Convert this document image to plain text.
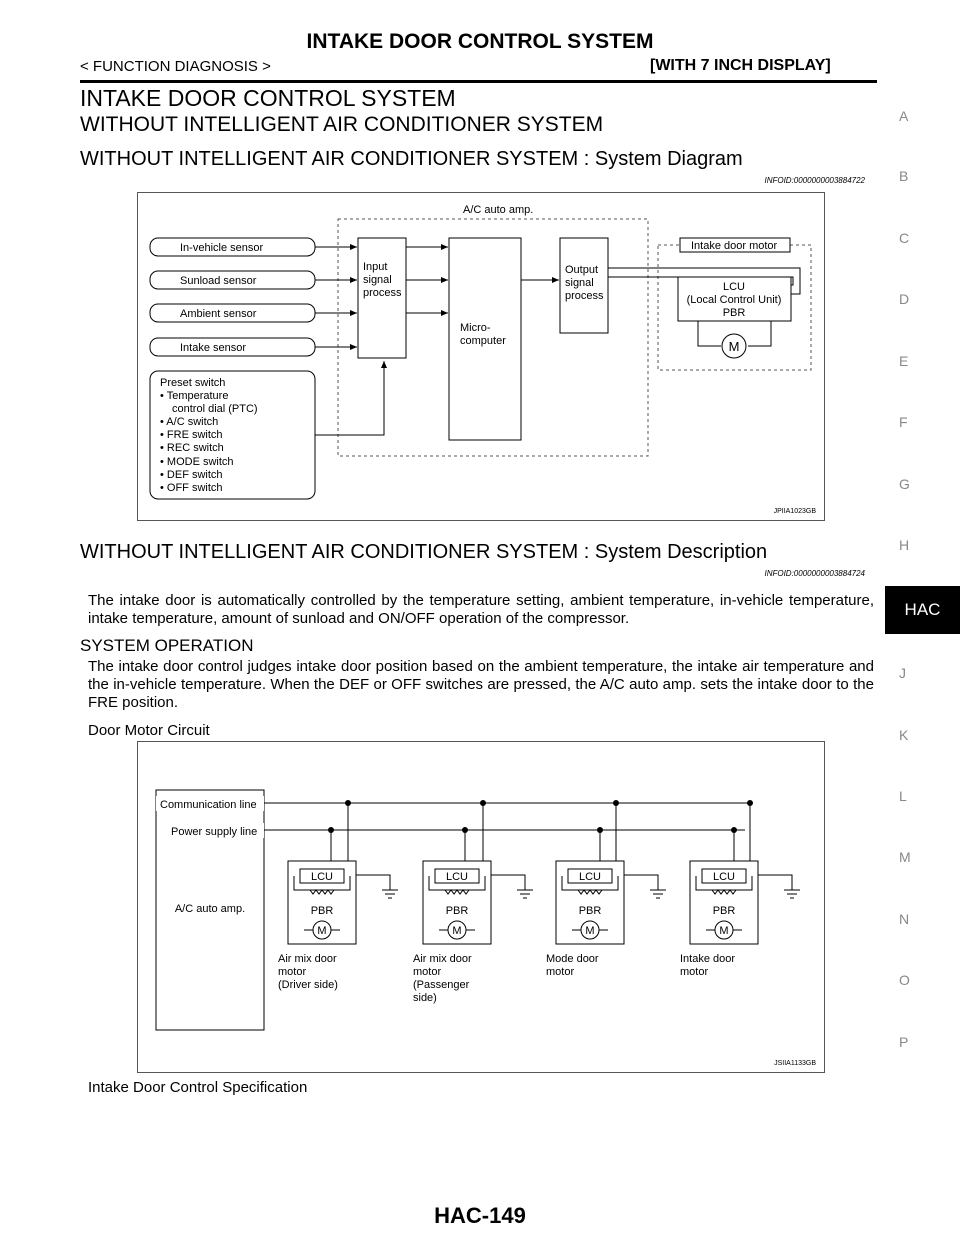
INTAKE DOOR CONTROL SYSTEM
< FUNCTION DIAGNOSIS >	[WITH 7 INCH DISPLAY]
INTAKE DOOR CONTROL SYSTEM
WITHOUT INTELLIGENT AIR CONDITIONER SYSTEM
WITHOUT INTELLIGENT AIR CONDITIONER SYSTEM : System Diagram
INFOID:0000000003884722
A/C auto amp.
In-vehicle sensor
Sunload sensor
Ambient sensor
Intake sensor
Preset switch
• Temperature
control dial (PTC)
• A/C switch
• FRE switch
• REC switch
• MODE switch
• DEF switch
• OFF switch
Input
signal
process
Micro-
computer
Output
signal
process
Intake door motor
LCU
(Local Control Unit)
PBR
M
JPIIA1023GB
WITHOUT INTELLIGENT AIR CONDITIONER SYSTEM : System Description
INFOID:0000000003884724
The intake door is automatically controlled by the temperature setting, ambient temperature, in-vehicle temperature, intake temperature, amount of sunload and ON/OFF operation of the compressor.
SYSTEM OPERATION
The intake door control judges intake door position based on the ambient temperature, the intake air temperature and the in-vehicle temperature. When the DEF or OFF switches are pressed, the A/C auto amp. sets the intake door to the FRE position.
Door Motor Circuit
A/C auto amp.
Communication line
Power supply line
LCU
PBR
M
Air mix door
motor
(Driver side)
LCU
PBR
M
Air mix door
motor
(Passenger
side)
LCU
PBR
M
Mode door
motor
LCU
PBR
M
Intake door
motor
JSIIA1133GB
Intake Door Control Specification
A
B
C
D
E
F
G
H
HAC
J
K
L
M
N
O
P
HAC-149
